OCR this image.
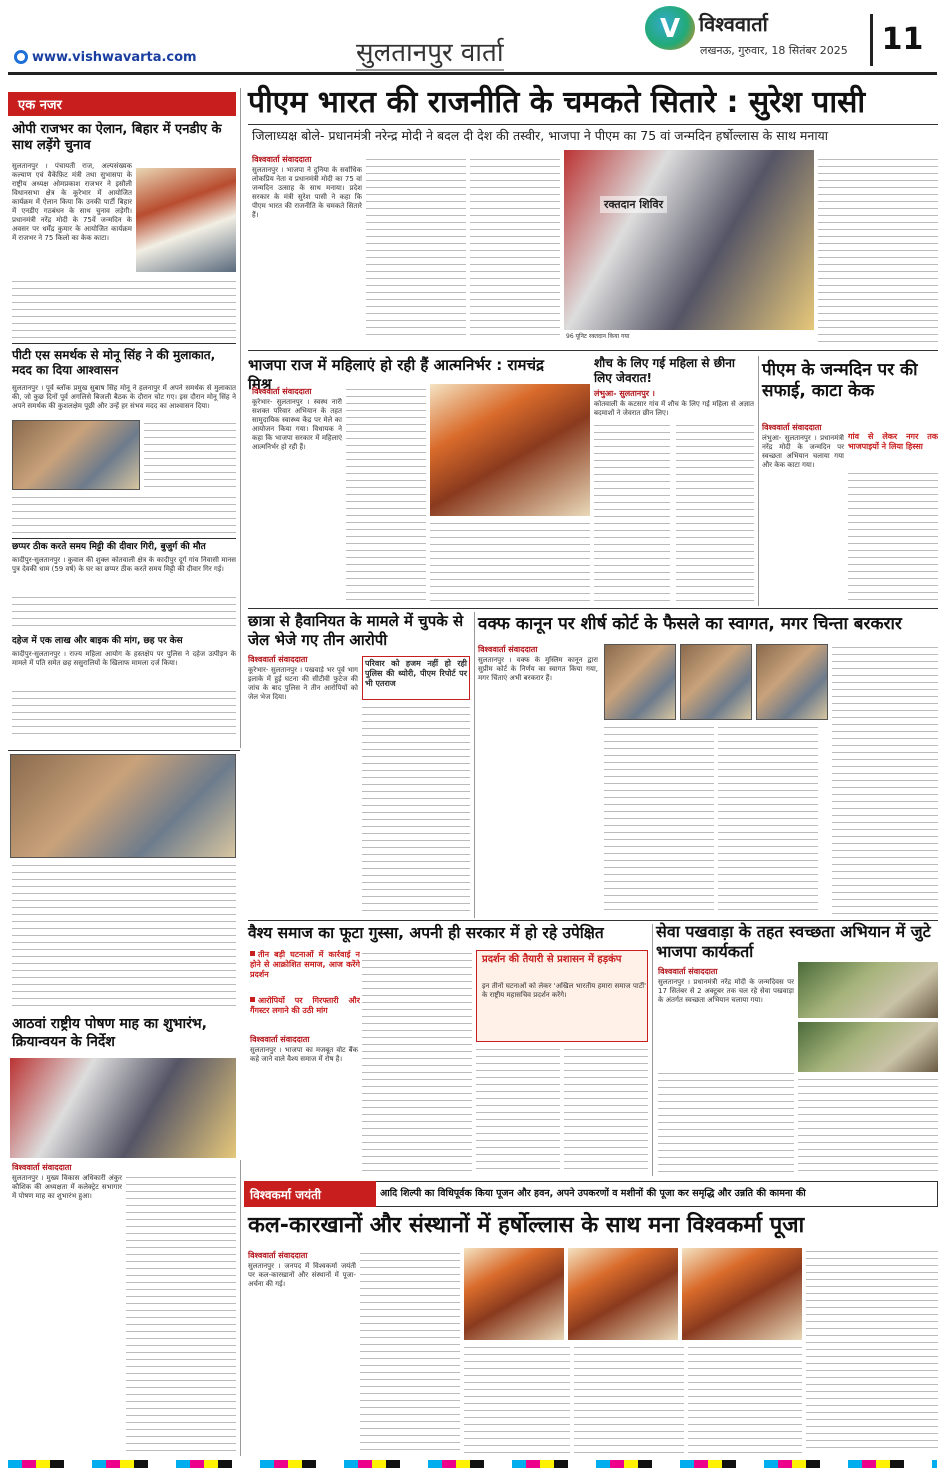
www.vishwavarta.com	सुलतानपुर वार्ता
V विश्ववार्ता
लखनऊ, गुरुवार, 18 सितंबर 2025	11
एक नजर
ओपी राजभर का ऐलान, बिहार में एनडीए के साथ लड़ेंगे चुनाव
सुलतानपुर । पंचायती राज, अल्पसंख्यक कल्याण एवं वैकेंफ़िट मंत्री तथा सुभासपा के राष्ट्रीय अध्यक्ष ओमप्रकाश राजभर ने इसौली विधानसभा क्षेत्र के कूरेभार में आयोजित कार्यक्रम में ऐलान किया कि उनकी पार्टी बिहार में एनडीए गठबंधन के साथ चुनाव लड़ेगी। प्रधानमंत्री नरेंद्र मोदी के 75वें जन्मदिन के अवसर पर धर्मेंद्र कुमार के आयोजित कार्यक्रम में राजभर ने 75 किलो का केक काटा।
पीटी एस समर्थक से मोनू सिंह ने की मुलाकात, मदद का दिया आश्वासन
सुलतानपुर । पूर्व ब्लॉक प्रमुख सुबाष सिंह मोनू ने हलनापुर में अपने समर्थक से मुलाकात की, जो कुछ दिनों पूर्व अगलिसे बिजली बैठक के दौरान चोट गए। इस दौरान मोनू सिंह ने अपने समर्थक की कुशलक्षेम पूछी और उन्हें हर संभव मदद का आश्वासन दिया।
छप्पर ठीक करते समय मिट्टी की दीवार गिरी, बुजुर्ग की मौत
कादीपुर-सुलतानपुर । कुवाल की शुक्ल कोतवाली क्षेत्र के कादीपुर दूर्ग गांव निवासी मानस पुत्र देवकी धाम (59 वर्ष) के घर का छप्पर ठीक करते समय मिट्टी की दीवार गिर गई।
दहेज में एक लाख और बाइक की मांग, छह पर केस
कादीपुर-सुलतानपुर । राज्य महिला आयोग के हस्तक्षेप पर पुलिस ने दहेज उत्पीड़न के मामले में पति समेत छह ससुरालियों के खिलाफ मामला दर्ज किया।
पीएम भारत की राजनीति के चमकते सितारे : सुरेश पासी
जिलाध्यक्ष बोले- प्रधानमंत्री नरेन्द्र मोदी ने बदल दी देश की तस्वीर, भाजपा ने पीएम का 75 वां जन्मदिन हर्षोल्लास के साथ मनाया
विश्ववार्ता संवाददाता
सुलतानपुर । भाजपा ने दुनिया के सर्वाधिक लोकप्रिय नेता व प्रधानमंत्री मोदी का 75 वां जन्मदिन उत्साह के साथ मनाया। प्रदेश सरकार के मंत्री सुरेश पासी ने कहा कि पीएम भारत की राजनीति के चमकते सितारे हैं।
रक्तदान शिविर
96 यूनिट रक्तदान किया गया
भाजपा राज में महिलाएं हो रही हैं आत्मनिर्भर : रामचंद्र मिश्र
विश्ववार्ता संवाददाता
कूरेभार- सुलतानपुर । स्वस्थ नारी सशक्त परिवार अभियान के तहत सामुदायिक स्वास्थ्य केंद्र पर मेले का आयोजन किया गया। विधायक ने कहा कि भाजपा सरकार में महिलाएं आत्मनिर्भर हो रही हैं।
शौच के लिए गई महिला से छीना लिए जेवरात!
लंभुआ- सुलतानपुर ।
कोतवाली के कटसार गांव में शौच के लिए गई महिला से अज्ञात बदमाशों ने जेवरात छीन लिए।
पीएम के जन्मदिन पर की सफाई, काटा केक
विश्ववार्ता संवाददाता
लंभुआ- सुलतानपुर । प्रधानमंत्री नरेंद्र मोदी के जन्मदिन पर स्वच्छता अभियान चलाया गया और केक काटा गया।
गांव से लेकर नगर तक भाजपाइयों ने लिया हिस्सा
छात्रा से हैवानियत के मामले में चुपके से जेल भेजे गए तीन आरोपी
विश्ववार्ता संवाददाता
कूरेभार- सुलतानपुर । पखवाड़े भर पूर्व भाग इलाके में हुई घटना की सीटीवी फुटेज की जांच के बाद पुलिस ने तीन आरोपियों को जेल भेज दिया।
परिवार को हजम नहीं हो रही पुलिस की थ्योरी, पीएम रिपोर्ट पर भी एतराज
वक्फ कानून पर शीर्ष कोर्ट के फैसले का स्वागत, मगर चिन्ता बरकरार
विश्ववार्ता संवाददाता
सुलतानपुर । वक्फ के मुस्लिम कानून द्वारा सुप्रीम कोर्ट के निर्णय का स्वागत किया गया, मगर चिंताएं अभी बरकरार हैं।
वैश्य समाज का फूटा गुस्सा, अपनी ही सरकार में हो रहे उपेक्षित
तीन बड़ी घटनाओं में कार्रवाई न होने से आक्रोशित समाज, आज करेंगे प्रदर्शन
आरोपियों पर गिरफ्तारी और गैंगस्टर लगाने की उठी मांग
विश्ववार्ता संवाददाता
सुलतानपुर । भाजपा का मजबूत वोट बैंक कहे जाने वाले वैश्य समाज में रोष है।
प्रदर्शन की तैयारी से प्रशासन में हड़कंप
इन तीनों घटनाओं को लेकर 'अखिल भारतीय हमारा समाज पार्टी' के राष्ट्रीय महासचिव प्रदर्शन करेंगे।
सेवा पखवाड़ा के तहत स्वच्छता अभियान में जुटे भाजपा कार्यकर्ता
विश्ववार्ता संवाददाता
सुलतानपुर । प्रधानमंत्री नरेंद्र मोदी के जन्मदिवस पर 17 सितंबर से 2 अक्टूबर तक चल रहे सेवा पखवाड़ा के अंतर्गत स्वच्छता अभियान चलाया गया।
आठवां राष्ट्रीय पोषण माह का शुभारंभ, क्रियान्वयन के निर्देश
विश्ववार्ता संवाददाता
सुलतानपुर । मुख्य विकास अधिकारी अंकुर कौशिक की अध्यक्षता में कलेक्ट्रेट सभागार में पोषण माह का शुभारंभ हुआ।	विश्वकर्मा जयंती	आदि शिल्पी का विधिपूर्वक किया पूजन और हवन, अपने उपकरणों व मशीनों की पूजा कर समृद्धि और उन्नति की कामना की
कल-कारखानों और संस्थानों में हर्षोल्लास के साथ मना विश्वकर्मा पूजा
विश्ववार्ता संवाददाता
सुलतानपुर । जनपद में विश्वकर्मा जयंती पर कल-कारखानों और संस्थानों में पूजा-अर्चना की गई।
